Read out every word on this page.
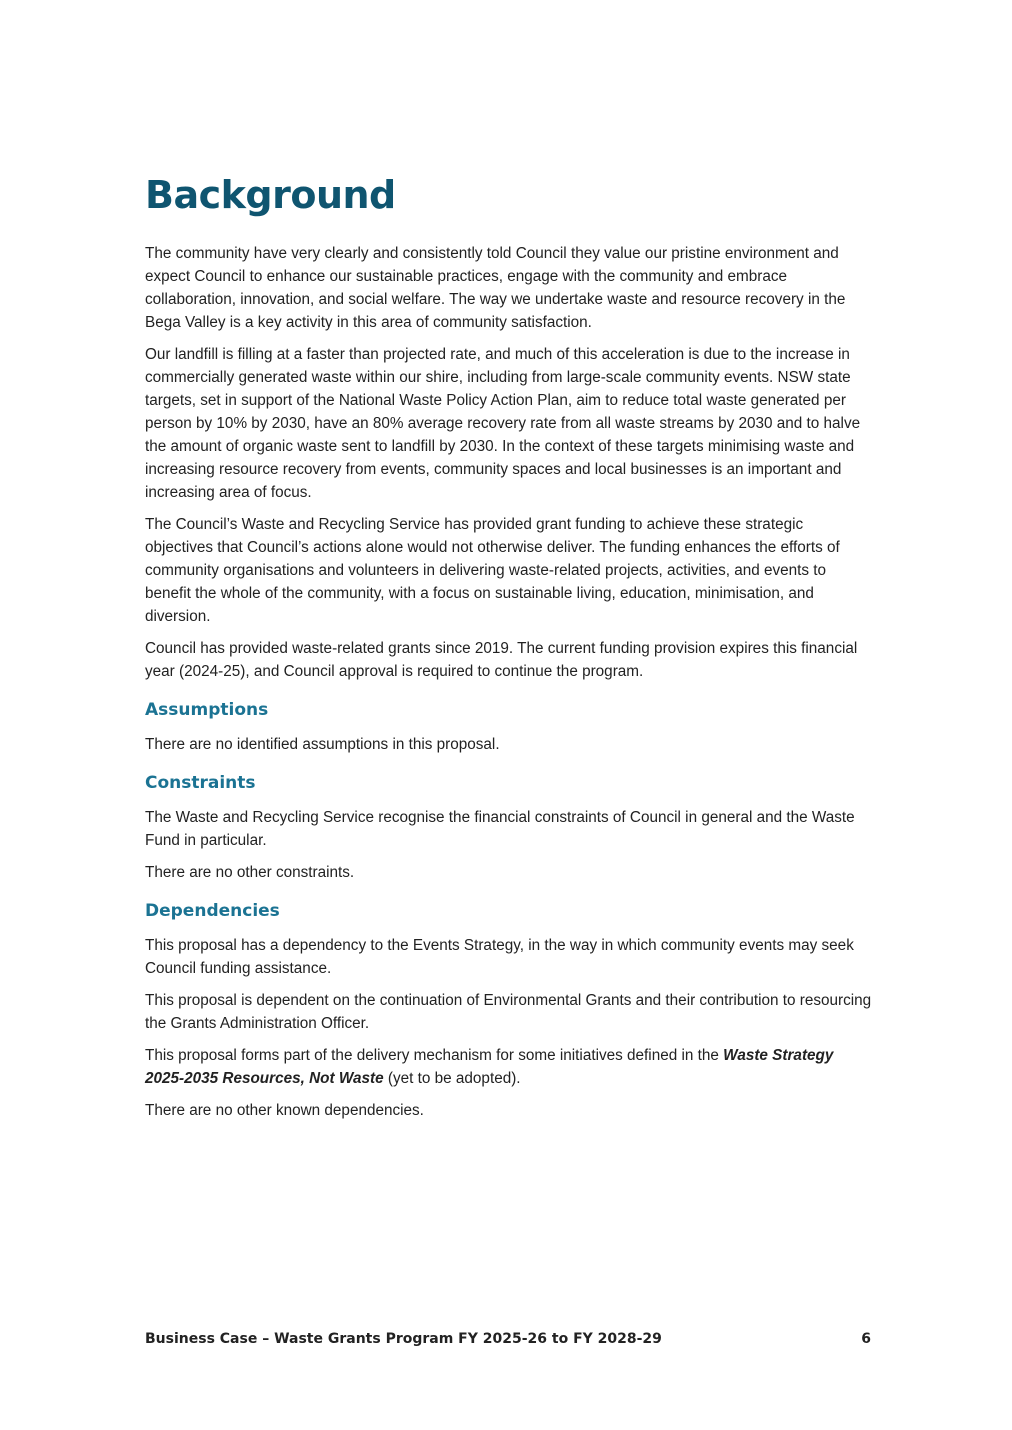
Background

The community have very clearly and consistently told Council they value our pristine environment and expect Council to enhance our sustainable practices, engage with the community and embrace collaboration, innovation, and social welfare. The way we undertake waste and resource recovery in the Bega Valley is a key activity in this area of community satisfaction.

Our landfill is filling at a faster than projected rate, and much of this acceleration is due to the increase in commercially generated waste within our shire, including from large-scale community events. NSW state targets, set in support of the National Waste Policy Action Plan, aim to reduce total waste generated per person by 10% by 2030, have an 80% average recovery rate from all waste streams by 2030 and to halve the amount of organic waste sent to landfill by 2030. In the context of these targets minimising waste and increasing resource recovery from events, community spaces and local businesses is an important and increasing area of focus.

The Council’s Waste and Recycling Service has provided grant funding to achieve these strategic objectives that Council’s actions alone would not otherwise deliver. The funding enhances the efforts of community organisations and volunteers in delivering waste-related projects, activities, and events to benefit the whole of the community, with a focus on sustainable living, education, minimisation, and diversion.

Council has provided waste-related grants since 2019. The current funding provision expires this financial year (2024-25), and Council approval is required to continue the program.

Assumptions

There are no identified assumptions in this proposal.

Constraints

The Waste and Recycling Service recognise the financial constraints of Council in general and the Waste Fund in particular.

There are no other constraints.

Dependencies

This proposal has a dependency to the Events Strategy, in the way in which community events may seek Council funding assistance.

This proposal is dependent on the continuation of Environmental Grants and their contribution to resourcing the Grants Administration Officer.

This proposal forms part of the delivery mechanism for some initiatives defined in the Waste Strategy 2025-2035 Resources, Not Waste (yet to be adopted).

There are no other known dependencies.

Business Case – Waste Grants Program FY 2025-26 to FY 2028-29	6
